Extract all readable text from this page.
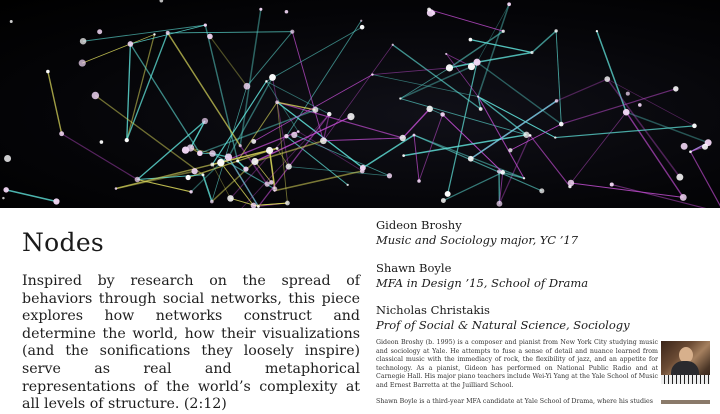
Nodes

Inspired by research on the spread of behaviors through social networks, this piece explores how networks construct and determine the world, how their visualizations (and the sonifications they loosely inspire) serve as real and metaphorical representations of the world’s complexity at all levels of structure. (2:12)

Gideon Broshy
Music and Sociology major, YC ’17
Shawn Boyle
MFA in Design ’15, School of Drama
Nicholas Christakis
Prof of Social & Natural Science, Sociology

Gideon Broshy (b. 1995) is a composer and pianist from New York City studying music and sociology at Yale. He attempts to fuse a sense of detail and nuance learned from classical music with the immediacy of rock, the flexibility of jazz, and an appetite for technology. As a pianist, Gideon has performed on National Public Radio and at Carnegie Hall. His major piano teachers include Wei-Yi Yang at the Yale School of Music and Ernest Barretta at the Juilliard School.

Shawn Boyle is a third-year MFA candidate at Yale School of Drama, where his studies
